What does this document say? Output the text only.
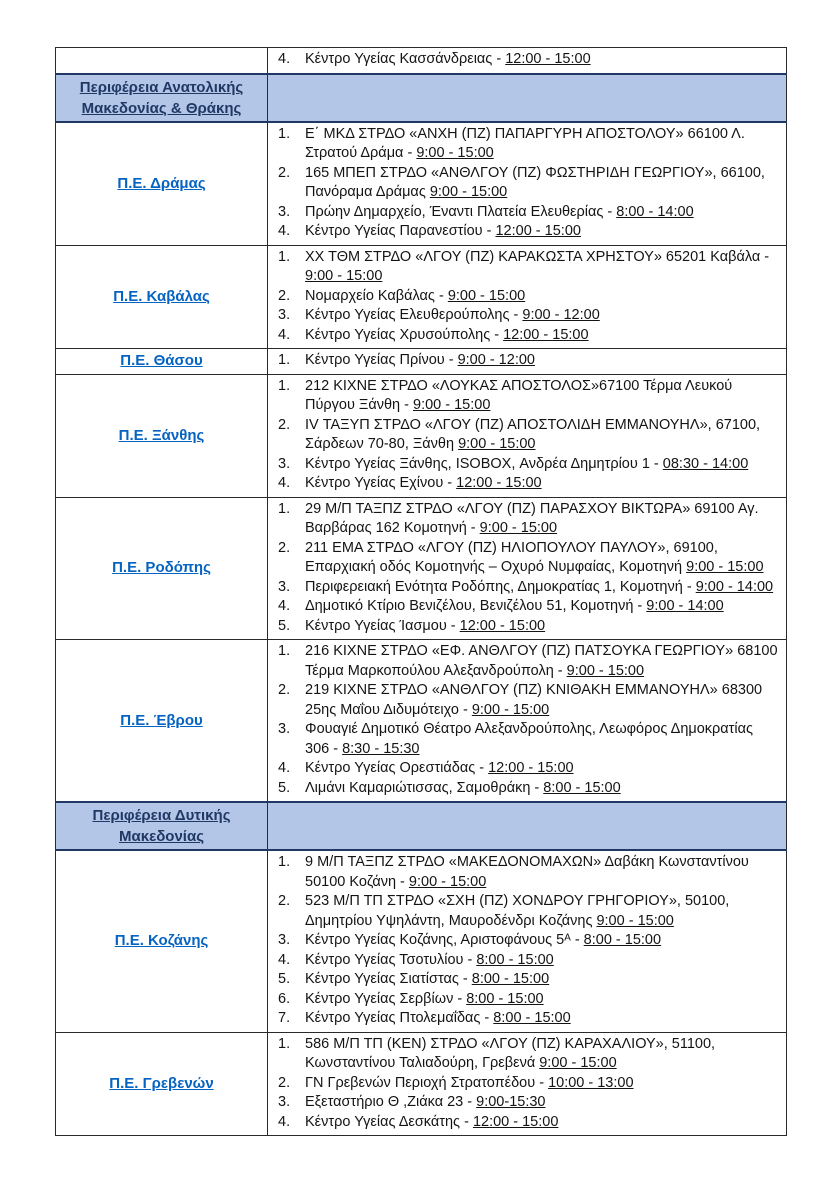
	4. Κέντρο Υγείας Κασσάνδρειας - 12:00 - 15:00

Περιφέρεια Ανατολικής Μακεδονίας & Θράκης	

Π.Ε. Δράμας	
1.	Ε΄ ΜΚΔ ΣΤΡΔΟ «ΑΝΧΗ (ΠΖ) ΠΑΠΑΡΓΥΡΗ ΑΠΟΣΤΟΛΟΥ» 66100 Λ. Στρατού Δράμα - 9:00 - 15:00
2.	165 ΜΠΕΠ ΣΤΡΔΟ «ΑΝΘΛΓΟΥ (ΠΖ) ΦΩΣΤΗΡΙΔΗ ΓΕΩΡΓΙΟΥ», 66100, Πανόραμα Δράμας 9:00 - 15:00
3.	Πρώην Δημαρχείο, Έναντι Πλατεία Ελευθερίας - 8:00 - 14:00
4.	Κέντρο Υγείας Παρανεστίου - 12:00 - 15:00

Π.Ε. Καβάλας	
1.	ΧΧ ΤΘΜ ΣΤΡΔΟ «ΛΓΟΥ (ΠΖ) ΚΑΡΑΚΩΣΤΑ ΧΡΗΣΤΟΥ» 65201 Καβάλα - 9:00 - 15:00
2.	Νομαρχείο Καβάλας - 9:00 - 15:00
3.	Κέντρο Υγείας Ελευθερούπολης - 9:00 - 12:00
4.	Κέντρο Υγείας Χρυσούπολης - 12:00 - 15:00

Π.Ε. Θάσου	1. Κέντρο Υγείας Πρίνου - 9:00 - 12:00

Π.Ε. Ξάνθης	
1.	212 ΚΙΧΝΕ ΣΤΡΔΟ «ΛΟΥΚΑΣ ΑΠΟΣΤΟΛΟΣ»67100 Τέρμα Λευκού Πύργου Ξάνθη - 9:00 - 15:00
2.	IV ΤΑΞΥΠ ΣΤΡΔΟ «ΛΓΟΥ (ΠΖ) ΑΠΟΣΤΟΛΙΔΗ ΕΜΜΑΝΟΥΗΛ», 67100, Σάρδεων 70-80, Ξάνθη 9:00 - 15:00
3.	Κέντρο Υγείας Ξάνθης, ISOBOX, Ανδρέα Δημητρίου 1 - 08:30 - 14:00
4.	Κέντρο Υγείας Εχίνου - 12:00 - 15:00

Π.Ε. Ροδόπης	
1.	29 Μ/Π ΤΑΞΠΖ ΣΤΡΔΟ «ΛΓΟΥ (ΠΖ) ΠΑΡΑΣΧΟΥ ΒΙΚΤΩΡΑ» 69100 Αγ. Βαρβάρας 162 Κομοτηνή - 9:00 - 15:00
2.	211 ΕΜΑ ΣΤΡΔΟ «ΛΓΟΥ (ΠΖ) ΗΛΙΟΠΟΥΛΟΥ ΠΑΥΛΟΥ», 69100, Επαρχιακή οδός Κομοτηνής – Οχυρό Νυμφαίας, Κομοτηνή 9:00 - 15:00
3.	Περιφερειακή Ενότητα Ροδόπης, Δημοκρατίας 1, Κομοτηνή - 9:00 - 14:00
4.	Δημοτικό Κτίριο Βενιζέλου, Βενιζέλου 51, Κομοτηνή - 9:00 - 14:00
5.	Κέντρο Υγείας Ίασμου - 12:00 - 15:00

Π.Ε. Έβρου	
1.	216 ΚΙΧΝΕ ΣΤΡΔΟ «ΕΦ. ΑΝΘΛΓΟΥ (ΠΖ) ΠΑΤΣΟΥΚΑ ΓΕΩΡΓΙΟΥ» 68100 Τέρμα Μαρκοπούλου Αλεξανδρούπολη - 9:00 - 15:00
2.	219 ΚΙΧΝΕ ΣΤΡΔΟ «ΑΝΘΛΓΟΥ (ΠΖ) ΚΝΙΘΑΚΗ ΕΜΜΑΝΟΥΗΛ» 68300 25ης Μαΐου Διδυμότειχο - 9:00 - 15:00
3.	Φουαγιέ Δημοτικό Θέατρο Αλεξανδρούπολης, Λεωφόρος Δημοκρατίας 306 - 8:30 - 15:30
4.	Κέντρο Υγείας Ορεστιάδας - 12:00 - 15:00
5.	Λιμάνι Καμαριώτισσας, Σαμοθράκη - 8:00 - 15:00

Περιφέρεια Δυτικής Μακεδονίας	

Π.Ε. Κοζάνης	
1.	9 Μ/Π ΤΑΞΠΖ ΣΤΡΔΟ «ΜΑΚΕΔΟΝΟΜΑΧΩΝ» Δαβάκη Κωνσταντίνου 50100 Κοζάνη - 9:00 - 15:00
2.	523 Μ/Π ΤΠ ΣΤΡΔΟ «ΣΧΗ (ΠΖ) ΧΟΝΔΡΟΥ ΓΡΗΓΟΡΙΟΥ», 50100, Δημητρίου Υψηλάντη, Μαυροδένδρι Κοζάνης 9:00 - 15:00
3.	Κέντρο Υγείας Κοζάνης, Αριστοφάνους 5ᴬ - 8:00 - 15:00
4.	Κέντρο Υγείας Τσοτυλίου - 8:00 - 15:00
5.	Κέντρο Υγείας Σιατίστας - 8:00 - 15:00
6.	Κέντρο Υγείας Σερβίων - 8:00 - 15:00
7.	Κέντρο Υγείας Πτολεμαΐδας - 8:00 - 15:00

Π.Ε. Γρεβενών	
1.	586 Μ/Π ΤΠ (ΚΕΝ) ΣΤΡΔΟ «ΛΓΟΥ (ΠΖ) ΚΑΡΑΧΑΛΙΟΥ», 51100, Κωνσταντίνου Ταλιαδούρη, Γρεβενά 9:00 - 15:00
2.	ΓΝ Γρεβενών Περιοχή Στρατοπέδου - 10:00 - 13:00
3.	Εξεταστήριο Θ ,Ζιάκα 23 - 9:00-15:30
4.	Κέντρο Υγείας Δεσκάτης - 12:00 - 15:00
